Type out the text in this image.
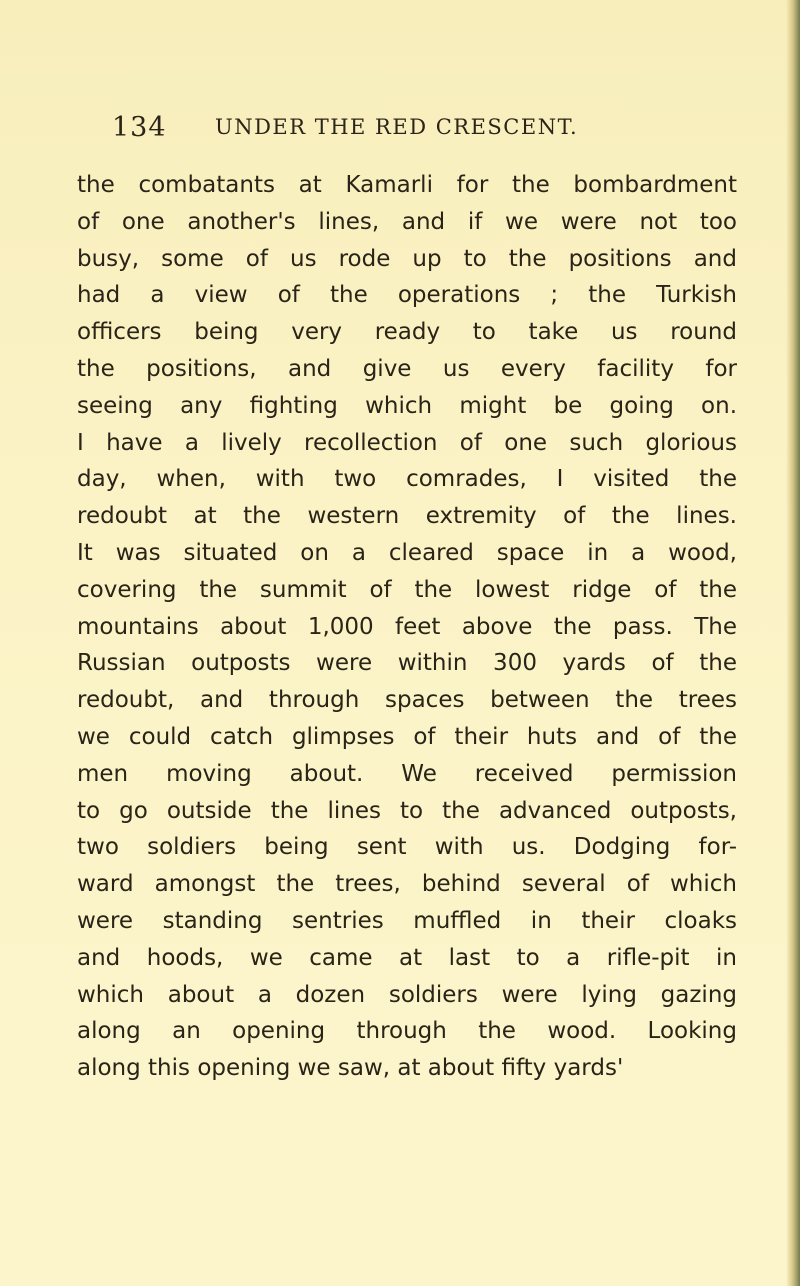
134 UNDER THE RED CRESCENT.
the combatants at Kamarli for the bombardment
of one another's lines, and if we were not too
busy, some of us rode up to the positions and
had a view of the operations ; the Turkish
officers being very ready to take us round
the positions, and give us every facility for
seeing any fighting which might be going on.
I have a lively recollection of one such glorious
day, when, with two comrades, I visited the
redoubt at the western extremity of the lines.
It was situated on a cleared space in a wood,
covering the summit of the lowest ridge of the
mountains about 1,000 feet above the pass. The
Russian outposts were within 300 yards of the
redoubt, and through spaces between the trees
we could catch glimpses of their huts and of the
men moving about. We received permission
to go outside the lines to the advanced outposts,
two soldiers being sent with us. Dodging for-
ward amongst the trees, behind several of which
were standing sentries muffled in their cloaks
and hoods, we came at last to a rifle-pit in
which about a dozen soldiers were lying gazing
along an opening through the wood. Looking
along this opening we saw, at about fifty yards'
